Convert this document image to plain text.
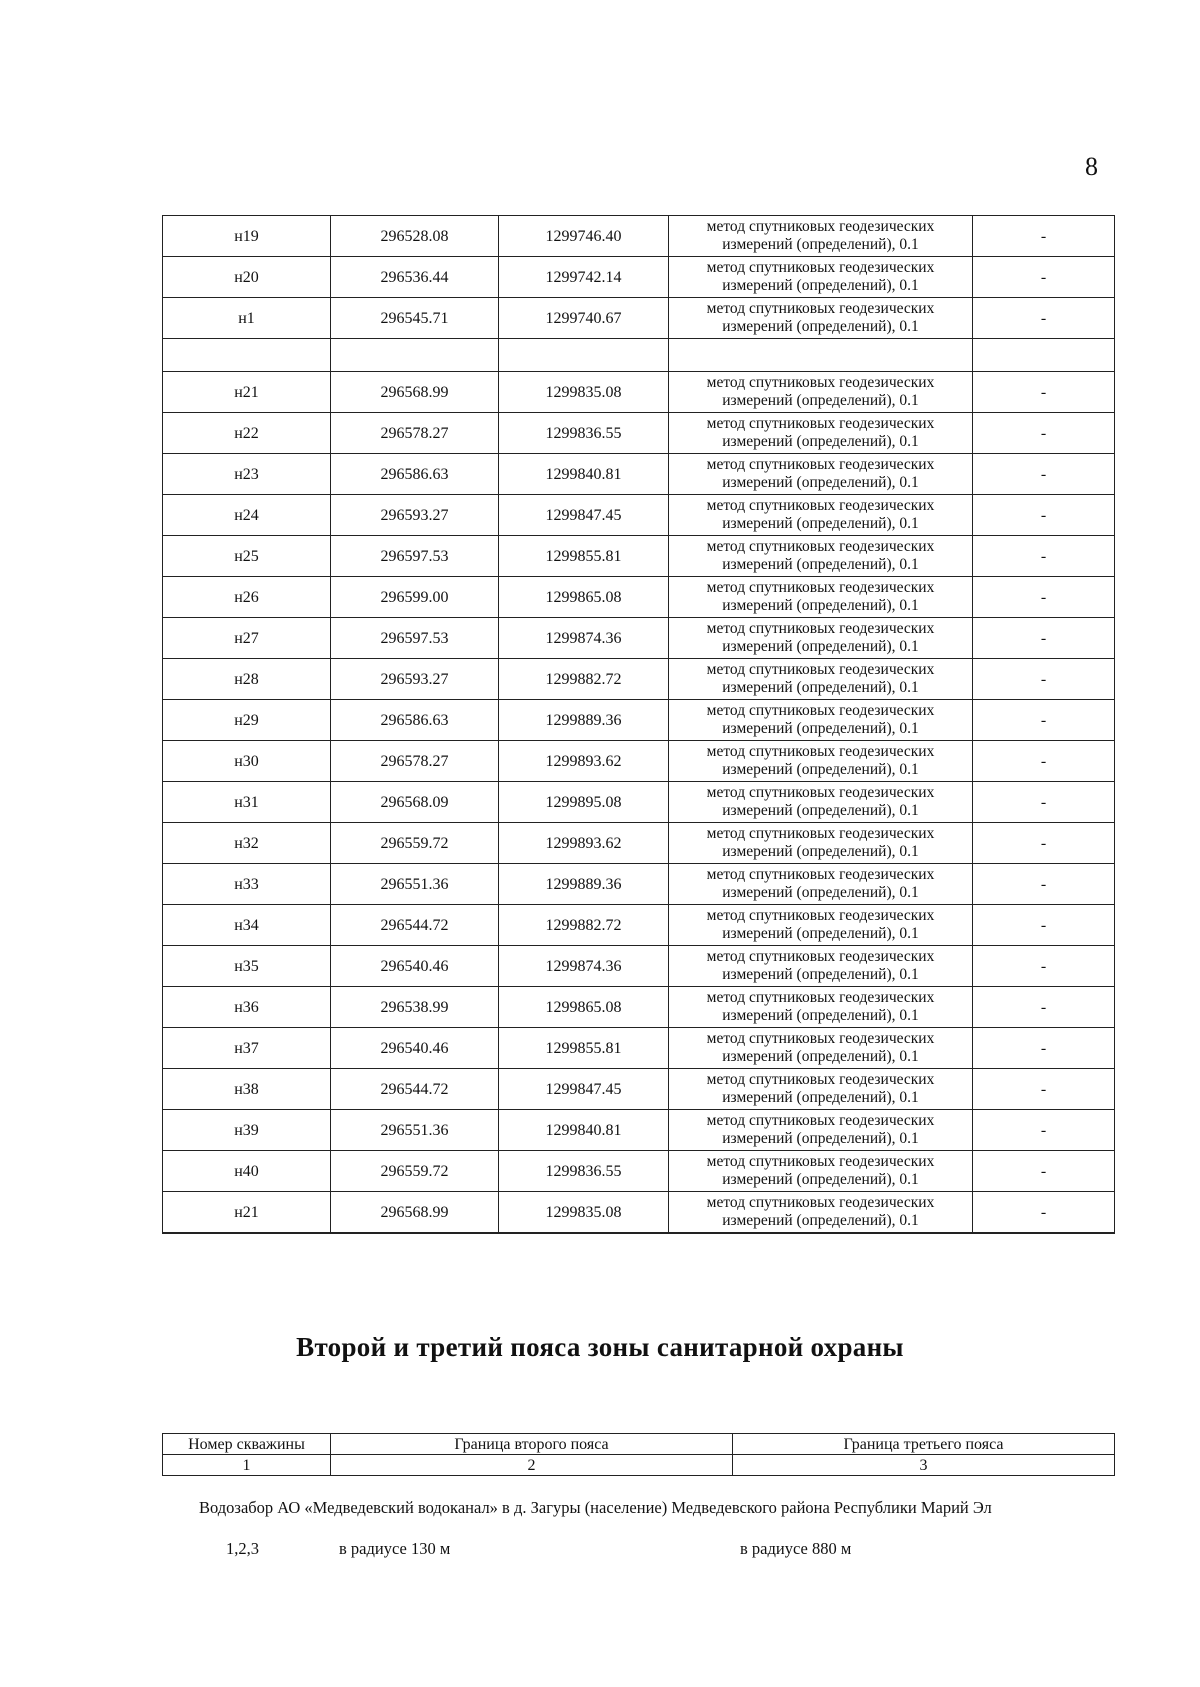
8
н19	296528.08	1299746.40	метод спутниковых геодезических
измерений (определений), 0.1	-
н20	296536.44	1299742.14	метод спутниковых геодезических
измерений (определений), 0.1	-
н1	296545.71	1299740.67	метод спутниковых геодезических
измерений (определений), 0.1	-

н21	296568.99	1299835.08	метод спутниковых геодезических
измерений (определений), 0.1	-
н22	296578.27	1299836.55	метод спутниковых геодезических
измерений (определений), 0.1	-
н23	296586.63	1299840.81	метод спутниковых геодезических
измерений (определений), 0.1	-
н24	296593.27	1299847.45	метод спутниковых геодезических
измерений (определений), 0.1	-
н25	296597.53	1299855.81	метод спутниковых геодезических
измерений (определений), 0.1	-
н26	296599.00	1299865.08	метод спутниковых геодезических
измерений (определений), 0.1	-
н27	296597.53	1299874.36	метод спутниковых геодезических
измерений (определений), 0.1	-
н28	296593.27	1299882.72	метод спутниковых геодезических
измерений (определений), 0.1	-
н29	296586.63	1299889.36	метод спутниковых геодезических
измерений (определений), 0.1	-
н30	296578.27	1299893.62	метод спутниковых геодезических
измерений (определений), 0.1	-
н31	296568.09	1299895.08	метод спутниковых геодезических
измерений (определений), 0.1	-
н32	296559.72	1299893.62	метод спутниковых геодезических
измерений (определений), 0.1	-
н33	296551.36	1299889.36	метод спутниковых геодезических
измерений (определений), 0.1	-
н34	296544.72	1299882.72	метод спутниковых геодезических
измерений (определений), 0.1	-
н35	296540.46	1299874.36	метод спутниковых геодезических
измерений (определений), 0.1	-
н36	296538.99	1299865.08	метод спутниковых геодезических
измерений (определений), 0.1	-
н37	296540.46	1299855.81	метод спутниковых геодезических
измерений (определений), 0.1	-
н38	296544.72	1299847.45	метод спутниковых геодезических
измерений (определений), 0.1	-
н39	296551.36	1299840.81	метод спутниковых геодезических
измерений (определений), 0.1	-
н40	296559.72	1299836.55	метод спутниковых геодезических
измерений (определений), 0.1	-
н21	296568.99	1299835.08	метод спутниковых геодезических
измерений (определений), 0.1	-
Второй и третий пояса зоны санитарной охраны
Номер скважины	Граница второго пояса	Граница третьего пояса
1	2	3
Водозабор АО «Медведевский водоканал» в д. Загуры (население) Медведевского района Республики Марий Эл
1,2,3	в радиусе 130 м	в радиусе 880 м
